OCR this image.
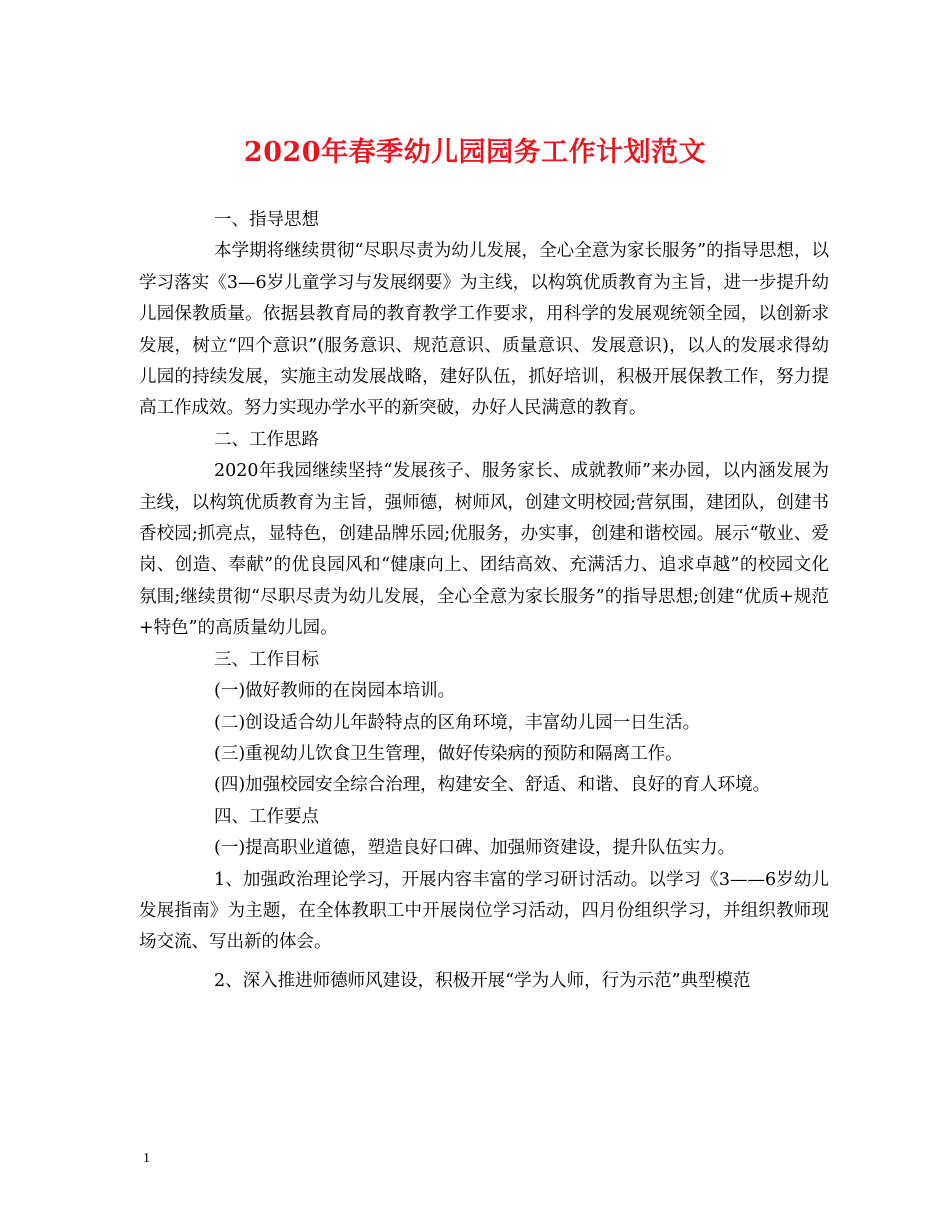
2020年春季幼儿园园务工作计划范文

一、指导思想

本学期将继续贯彻“尽职尽责为幼儿发展，全心全意为家长服务”的指导思想，以学习落实《3—6岁儿童学习与发展纲要》为主线，以构筑优质教育为主旨，进一步提升幼儿园保教质量。依据县教育局的教育教学工作要求，用科学的发展观统领全园，以创新求发展，树立“四个意识”(服务意识、规范意识、质量意识、发展意识)，以人的发展求得幼儿园的持续发展，实施主动发展战略，建好队伍，抓好培训，积极开展保教工作，努力提高工作成效。努力实现办学水平的新突破，办好人民满意的教育。

二、工作思路

2020年我园继续坚持“发展孩子、服务家长、成就教师”来办园，以内涵发展为主线，以构筑优质教育为主旨，强师德，树师风，创建文明校园;营氛围，建团队，创建书香校园;抓亮点，显特色，创建品牌乐园;优服务，办实事，创建和谐校园。展示“敬业、爱岗、创造、奉献”的优良园风和“健康向上、团结高效、充满活力、追求卓越”的校园文化氛围;继续贯彻“尽职尽责为幼儿发展，全心全意为家长服务”的指导思想;创建“优质+规范+特色”的高质量幼儿园。

三、工作目标

(一)做好教师的在岗园本培训。

(二)创设适合幼儿年龄特点的区角环境，丰富幼儿园一日生活。

(三)重视幼儿饮食卫生管理，做好传染病的预防和隔离工作。

(四)加强校园安全综合治理，构建安全、舒适、和谐、良好的育人环境。

四、工作要点

(一)提高职业道德，塑造良好口碑、加强师资建设，提升队伍实力。

1、加强政治理论学习，开展内容丰富的学习研讨活动。以学习《3——6岁幼儿发展指南》为主题，在全体教职工中开展岗位学习活动，四月份组织学习，并组织教师现场交流、写出新的体会。

2、深入推进师德师风建设，积极开展“学为人师，行为示范”典型模范

1
